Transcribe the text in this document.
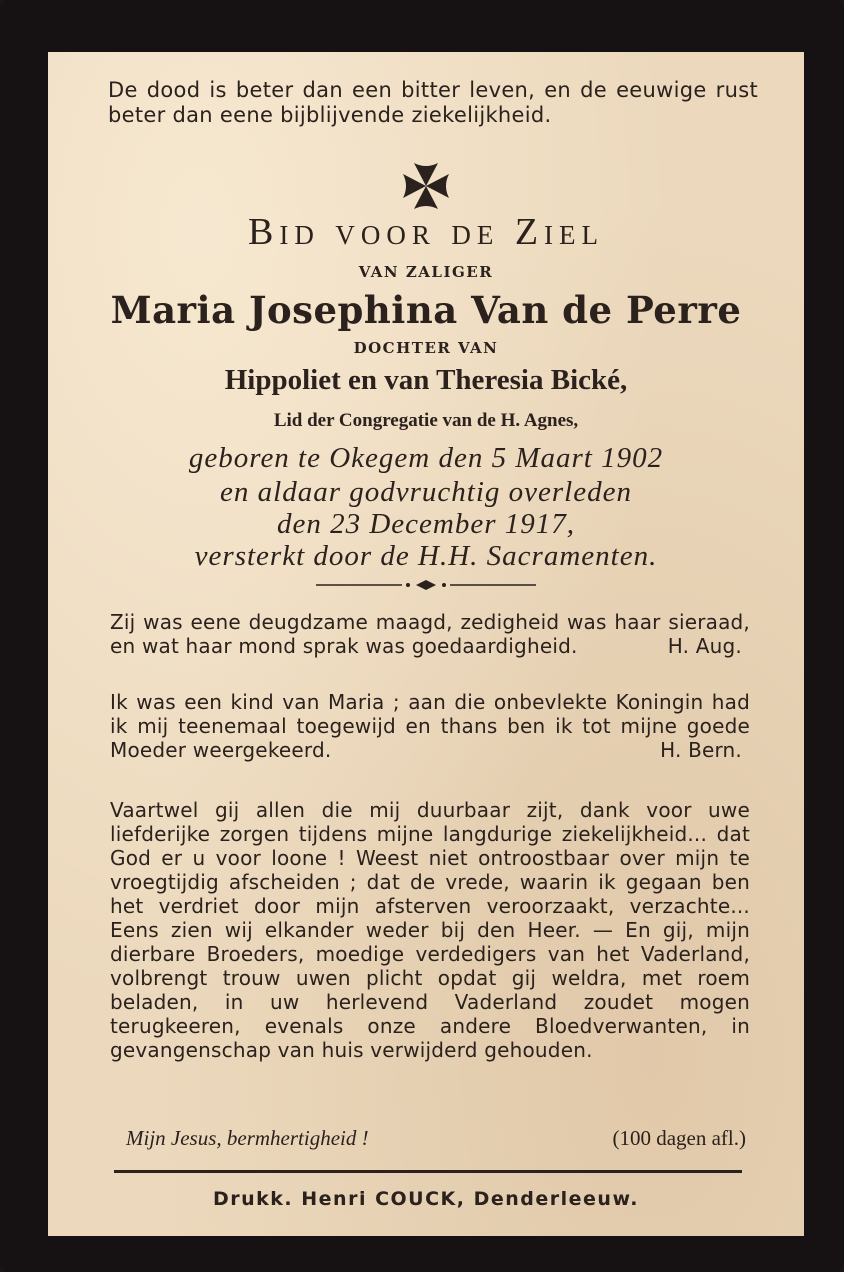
De dood is beter dan een bitter leven, en de eeuwige rust beter dan eene bijblijvende ziekelijkheid.
Bid voor de Ziel
VAN ZALIGER
Maria Josephina Van de Perre
DOCHTER VAN
Hippoliet en van Theresia Bické,
Lid der Congregatie van de H. Agnes,
geboren te Okegem den 5 Maart 1902
en aldaar godvruchtig overleden
den 23 December 1917,
versterkt door de H.H. Sacramenten.
Zij was eene deugdzame maagd, zedigheid was haar sieraad, en wat haar mond sprak was goedaardigheid.	H. Aug.
Ik was een kind van Maria ; aan die onbevlekte Koningin had ik mij teenemaal toegewijd en thans ben ik tot mijne goede Moeder weergekeerd.	H. Bern.
Vaartwel gij allen die mij duurbaar zijt, dank voor uwe liefderijke zorgen tijdens mijne langdurige ziekelijkheid... dat God er u voor loone ! Weest niet ontroostbaar over mijn te vroegtijdig afscheiden ; dat de vrede, waarin ik gegaan ben het verdriet door mijn afsterven veroorzaakt, verzachte... Eens zien wij elkander weder bij den Heer. — En gij, mijn dierbare Broeders, moedige verdedigers van het Vaderland, volbrengt trouw uwen plicht opdat gij weldra, met roem beladen, in uw herlevend Vaderland zoudet mogen terugkeeren, evenals onze andere Bloedverwanten, in gevangenschap van huis verwijderd gehouden.
Mijn Jesus, bermhertigheid !	(100 dagen afl.)
Drukk. Henri COUCK, Denderleeuw.
